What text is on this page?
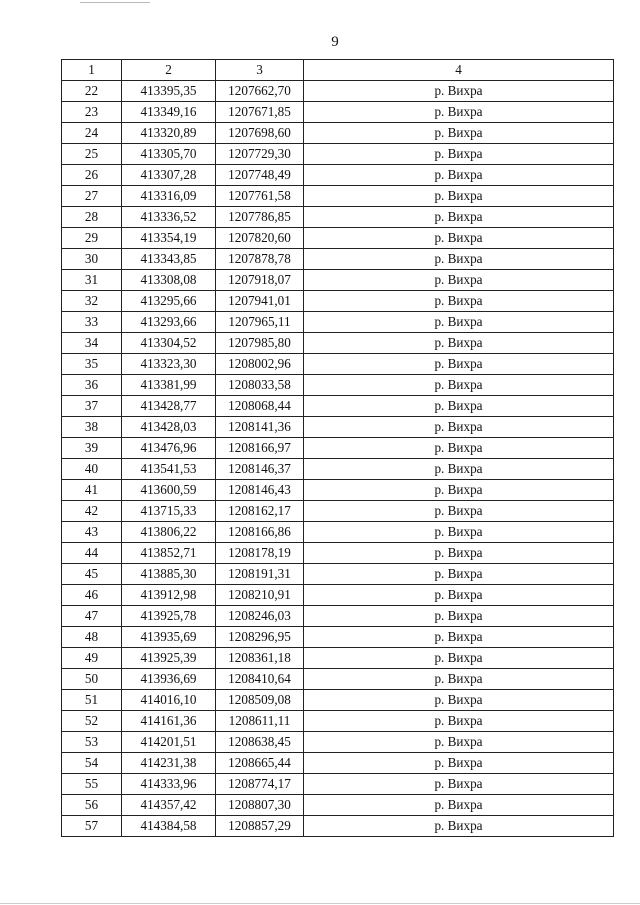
9
1	2	3	4
22	413395,35	1207662,70	р. Вихра
23	413349,16	1207671,85	р. Вихра
24	413320,89	1207698,60	р. Вихра
25	413305,70	1207729,30	р. Вихра
26	413307,28	1207748,49	р. Вихра
27	413316,09	1207761,58	р. Вихра
28	413336,52	1207786,85	р. Вихра
29	413354,19	1207820,60	р. Вихра
30	413343,85	1207878,78	р. Вихра
31	413308,08	1207918,07	р. Вихра
32	413295,66	1207941,01	р. Вихра
33	413293,66	1207965,11	р. Вихра
34	413304,52	1207985,80	р. Вихра
35	413323,30	1208002,96	р. Вихра
36	413381,99	1208033,58	р. Вихра
37	413428,77	1208068,44	р. Вихра
38	413428,03	1208141,36	р. Вихра
39	413476,96	1208166,97	р. Вихра
40	413541,53	1208146,37	р. Вихра
41	413600,59	1208146,43	р. Вихра
42	413715,33	1208162,17	р. Вихра
43	413806,22	1208166,86	р. Вихра
44	413852,71	1208178,19	р. Вихра
45	413885,30	1208191,31	р. Вихра
46	413912,98	1208210,91	р. Вихра
47	413925,78	1208246,03	р. Вихра
48	413935,69	1208296,95	р. Вихра
49	413925,39	1208361,18	р. Вихра
50	413936,69	1208410,64	р. Вихра
51	414016,10	1208509,08	р. Вихра
52	414161,36	1208611,11	р. Вихра
53	414201,51	1208638,45	р. Вихра
54	414231,38	1208665,44	р. Вихра
55	414333,96	1208774,17	р. Вихра
56	414357,42	1208807,30	р. Вихра
57	414384,58	1208857,29	р. Вихра
